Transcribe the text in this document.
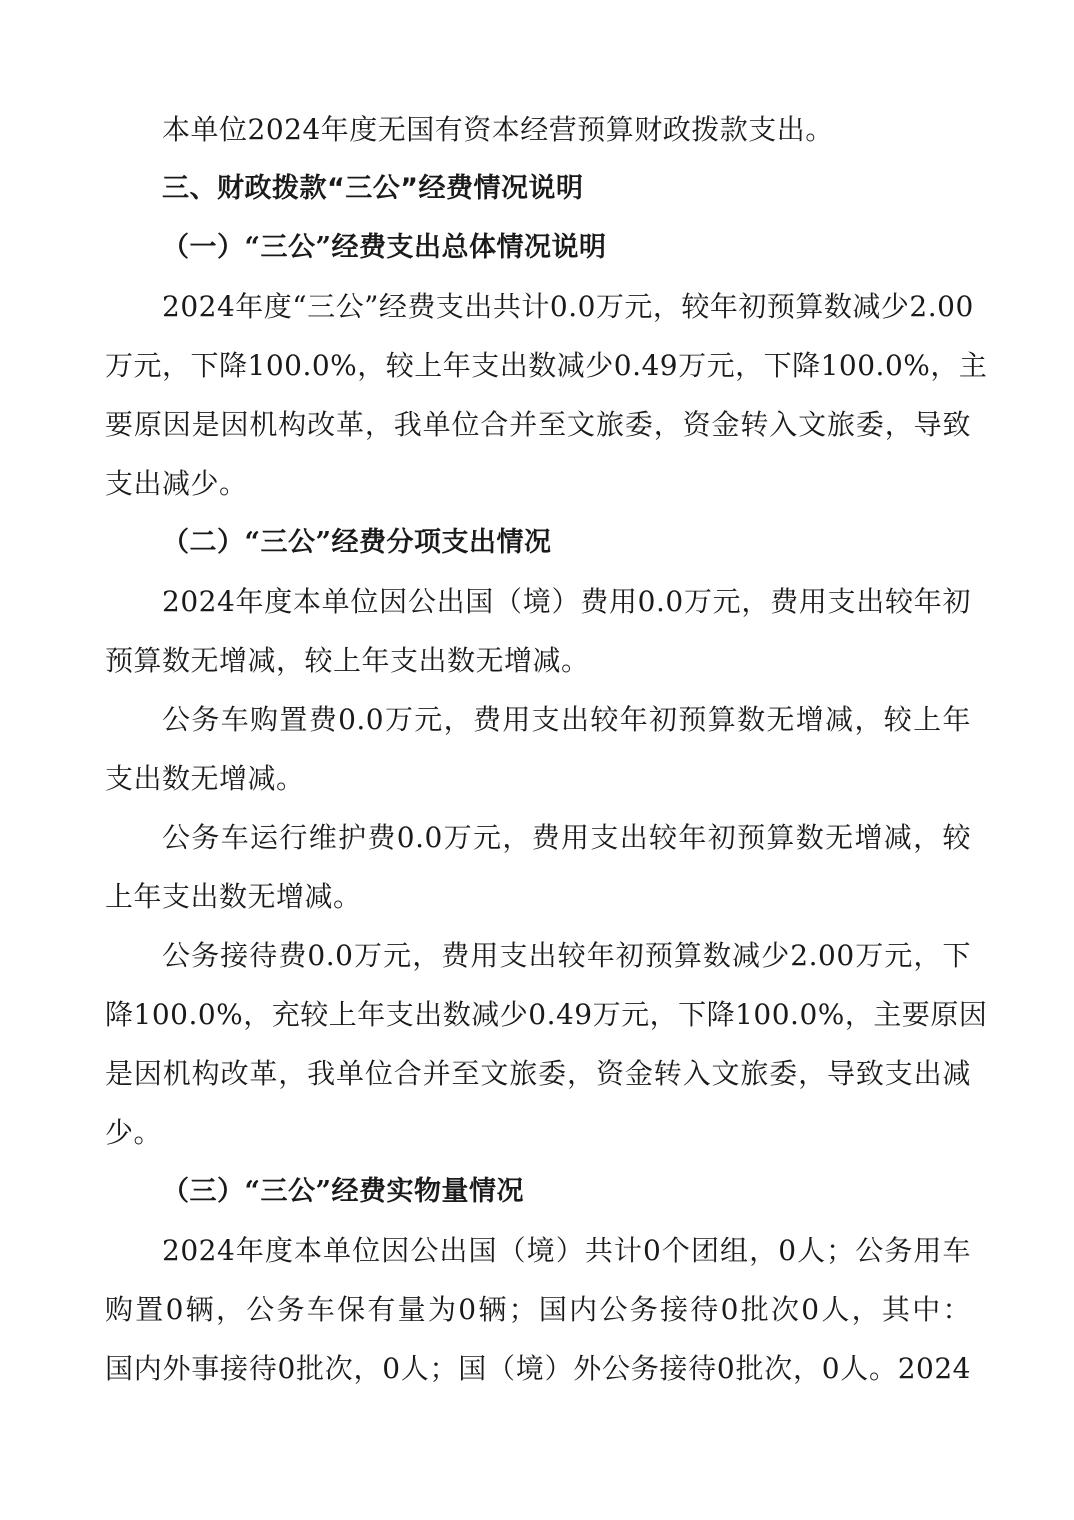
本单位2024年度无国有资本经营预算财政拨款支出。
三、财政拨款“三公”经费情况说明
（一）“三公”经费支出总体情况说明
2024年度“三公”经费支出共计0.0万元，较年初预算数减少2.00
万元，下降100.0%，较上年支出数减少0.49万元，下降100.0%，主
要原因是因机构改革，我单位合并至文旅委，资金转入文旅委，导致
支出减少。
（二）“三公”经费分项支出情况
2024年度本单位因公出国（境）费用0.0万元，费用支出较年初
预算数无增减，较上年支出数无增减。
公务车购置费0.0万元，费用支出较年初预算数无增减，较上年
支出数无增减。
公务车运行维护费0.0万元，费用支出较年初预算数无增减，较
上年支出数无增减。
公务接待费0.0万元，费用支出较年初预算数减少2.00万元，下
降100.0%，充较上年支出数减少0.49万元，下降100.0%，主要原因
是因机构改革，我单位合并至文旅委，资金转入文旅委，导致支出减
少。
（三）“三公”经费实物量情况
2024年度本单位因公出国（境）共计0个团组，0人；公务用车
购置0辆，公务车保有量为0辆；国内公务接待0批次0人，其中：
国内外事接待0批次，0人；国（境）外公务接待0批次，0人。2024
